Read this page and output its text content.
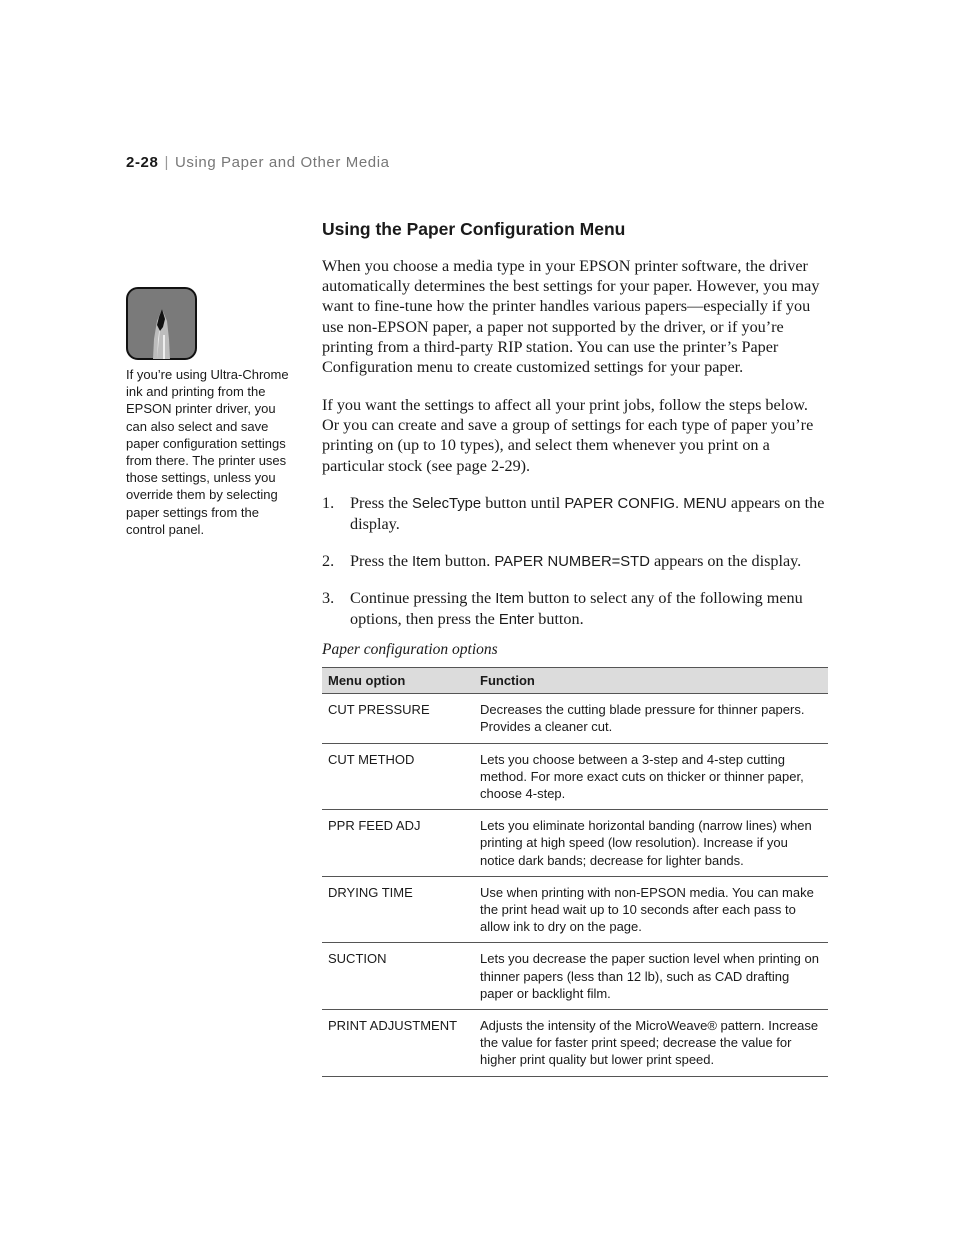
2-28 | Using Paper and Other Media
Using the Paper Configuration Menu
If you’re using Ultra-Chrome ink and printing from the EPSON printer driver, you can also select and save paper configuration settings from there. The printer uses those settings, unless you override them by selecting paper settings from the control panel.

When you choose a media type in your EPSON printer software, the driver automatically determines the best settings for your paper. However, you may want to fine-tune how the printer handles various papers—especially if you use non-EPSON paper, a paper not supported by the driver, or if you’re printing from a third-party RIP station. You can use the printer’s Paper Configuration menu to create customized settings for your paper.

If you want the settings to affect all your print jobs, follow the steps below. Or you can create and save a group of settings for each type of paper you’re printing on (up to 10 types), and select them whenever you print on a particular stock (see page 2-29).

1. Press the SelecType button until PAPER CONFIG. MENU appears on the display.
2. Press the Item button. PAPER NUMBER=STD appears on the display.
3. Continue pressing the Item button to select any of the following menu options, then press the Enter button.
Paper configuration options
Menu option	Function
CUT PRESSURE	Decreases the cutting blade pressure for thinner papers. Provides a cleaner cut.
CUT METHOD	Lets you choose between a 3-step and 4-step cutting method. For more exact cuts on thicker or thinner paper, choose 4-step.
PPR FEED ADJ	Lets you eliminate horizontal banding (narrow lines) when printing at high speed (low resolution). Increase if you notice dark bands; decrease for lighter bands.
DRYING TIME	Use when printing with non-EPSON media. You can make the print head wait up to 10 seconds after each pass to allow ink to dry on the page.
SUCTION	Lets you decrease the paper suction level when printing on thinner papers (less than 12 lb), such as CAD drafting paper or backlight film.
PRINT ADJUSTMENT	Adjusts the intensity of the MicroWeave® pattern. Increase the value for faster print speed; decrease the value for higher print quality but lower print speed.
